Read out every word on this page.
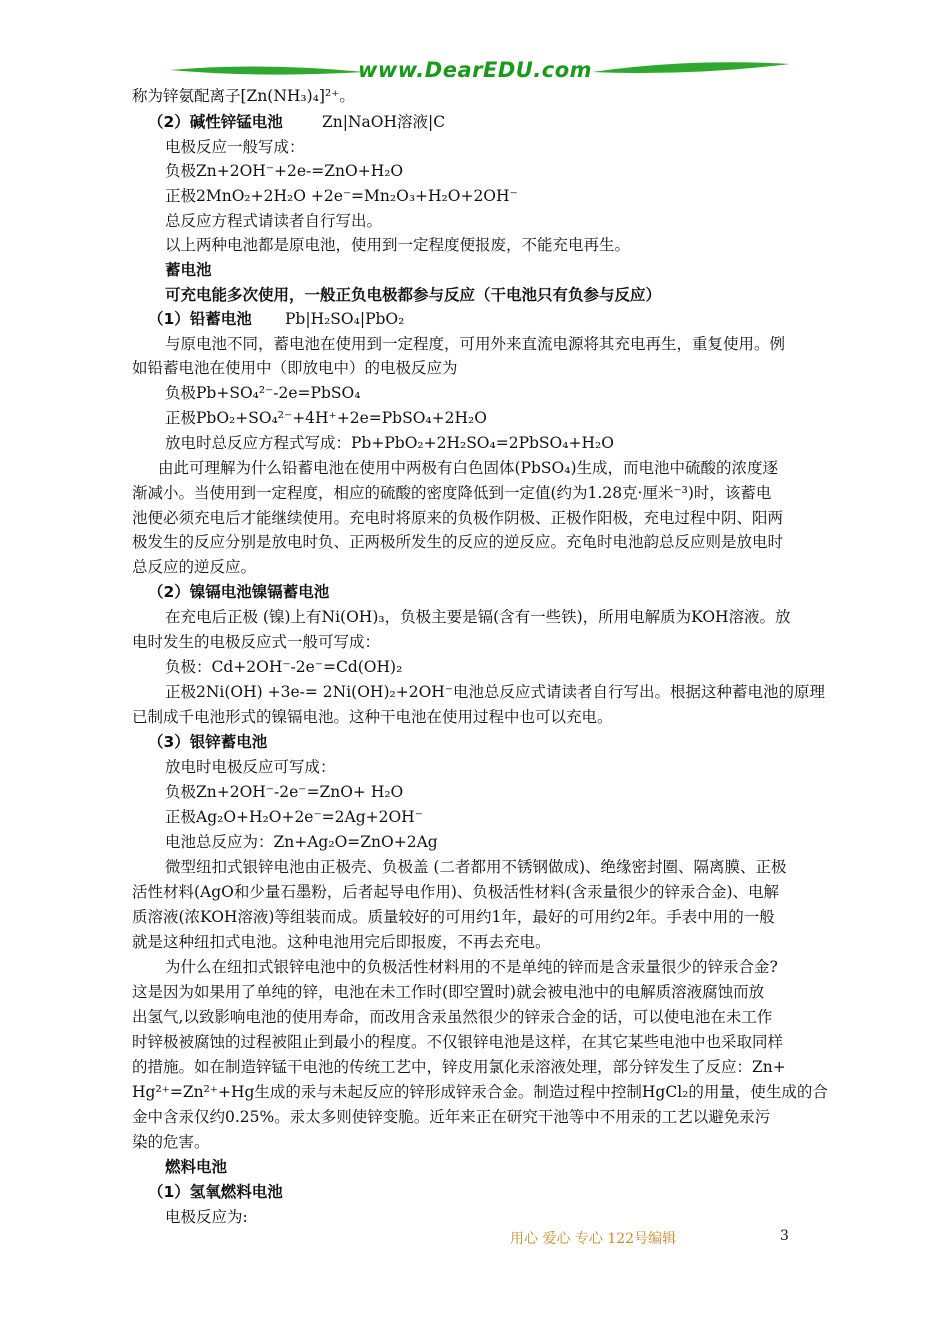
www.DearEDU.com
称为锌氨配离子[Zn(NH₃)₄]²⁺。
（2）碱性锌锰电池	Zn|NaOH溶液|C
电极反应一般写成：
负极Zn+2OH⁻+2e-=ZnO+H₂O
正极2MnO₂+2H₂O +2e⁻=Mn₂O₃+H₂O+2OH⁻
总反应方程式请读者自行写出。
以上两种电池都是原电池，使用到一定程度便报废，不能充电再生。
蓄电池
可充电能多次使用，一般正负电极都参与反应（干电池只有负参与反应）
（1）铅蓄电池 Pb|H₂SO₄|PbO₂
与原电池不同，蓄电池在使用到一定程度，可用外来直流电源将其充电再生，重复使用。例
如铅蓄电池在使用中（即放电中）的电极反应为
负极Pb+SO₄²⁻-2e=PbSO₄
正极PbO₂+SO₄²⁻+4H⁺+2e=PbSO₄+2H₂O
放电时总反应方程式写成：Pb+PbO₂+2H₂SO₄=2PbSO₄+H₂O
由此可理解为什么铅蓄电池在使用中两极有白色固体(PbSO₄)生成，而电池中硫酸的浓度逐
渐减小。当使用到一定程度，相应的硫酸的密度降低到一定值(约为1.28克·厘米⁻³)时，该蓄电
池便必须充电后才能继续使用。充电时将原来的负极作阴极、正极作阳极，充电过程中阴、阳两
极发生的反应分别是放电时负、正两极所发生的反应的逆反应。充龟时电池韵总反应则是放电时
总反应的逆反应。
（2）镍镉电池镍镉蓄电池
在充电后正极 (镍)上有Ni(OH)₃，负极主要是镉(含有一些铁)，所用电解质为KOH溶液。放
电时发生的电极反应式一般可写成：
负极：Cd+2OH⁻-2e⁻=Cd(OH)₂
正极2Ni(OH) +3e-= 2Ni(OH)₂+2OH⁻电池总反应式请读者自行写出。根据这种蓄电池的原理
已制成千电池形式的镍镉电池。这种干电池在使用过程中也可以充电。
（3）银锌蓄电池
放电时电极反应可写成：
负极Zn+2OH⁻-2e⁻=ZnO+ H₂O
正极Ag₂O+H₂O+2e⁻=2Ag+2OH⁻
电池总反应为：Zn+Ag₂O=ZnO+2Ag
微型纽扣式银锌电池由正极壳、负极盖 (二者都用不锈钢做成)、绝缘密封圈、隔离膜、正极
活性材料(AgO和少量石墨粉，后者起导电作用)、负极活性材料(含汞量很少的锌汞合金)、电解
质溶液(浓KOH溶液)等组装而成。质量较好的可用约1年，最好的可用约2年。手表中用的一般
就是这种纽扣式电池。这种电池用完后即报废，不再去充电。
为什么在纽扣式银锌电池中的负极活性材料用的不是单纯的锌而是含汞量很少的锌汞合金?
这是因为如果用了单纯的锌，电池在未工作时(即空置时)就会被电池中的电解质溶液腐蚀而放
出氢气,以致影响电池的使用寿命，而改用含汞虽然很少的锌汞合金的话，可以使电池在未工作
时锌极被腐蚀的过程被阻止到最小的程度。不仅银锌电池是这样，在其它某些电池中也采取同样
的措施。如在制造锌锰干电池的传统工艺中，锌皮用氯化汞溶液处理，部分锌发生了反应：Zn+
Hg²⁺=Zn²⁺+Hg生成的汞与未起反应的锌形成锌汞合金。制造过程中控制HgCl₂的用量，使生成的合
金中含汞仅约0.25%。汞太多则使锌变脆。近年来正在研究干池等中不用汞的工艺以避免汞污
染的危害。
燃料电池
（1）氢氧燃料电池
电极反应为:
用心 爱心 专心 122号编辑	3
